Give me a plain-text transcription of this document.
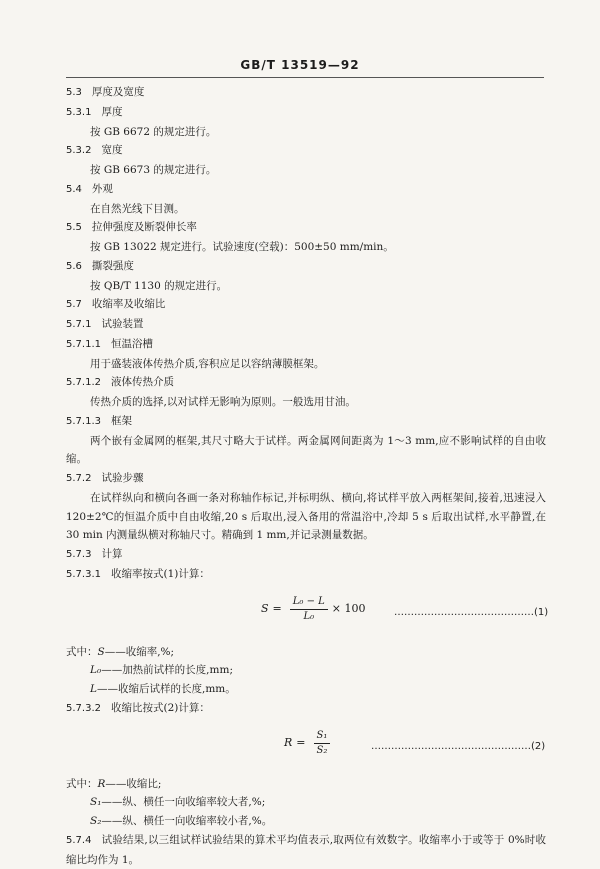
GB/T 13519—92
5.3 厚度及宽度
5.3.1 厚度
按 GB 6672 的规定进行。
5.3.2 宽度
按 GB 6673 的规定进行。
5.4 外观
在自然光线下目测。
5.5 拉伸强度及断裂伸长率
按 GB 13022 规定进行。试验速度(空载)：500±50 mm/min。
5.6 撕裂强度
按 QB/T 1130 的规定进行。
5.7 收缩率及收缩比
5.7.1 试验装置
5.7.1.1 恒温浴槽
用于盛装液体传热介质,容积应足以容纳薄膜框架。
5.7.1.2 液体传热介质
传热介质的选择,以对试样无影响为原则。一般选用甘油。
5.7.1.3 框架
两个嵌有金属网的框架,其尺寸略大于试样。两金属网间距离为 1～3 mm,应不影响试样的自由收缩。
5.7.2 试验步骤
在试样纵向和横向各画一条对称轴作标记,并标明纵、横向,将试样平放入两框架间,接着,迅速浸入 120±2℃的恒温介质中自由收缩,20 s 后取出,浸入备用的常温浴中,冷却 5 s 后取出试样,水平静置,在 30 min 内测量纵横对称轴尺寸。精确到 1 mm,并记录测量数据。
5.7.3 计算
5.7.3.1 收缩率按式(1)计算：
$S = \frac{\text{L₀ − L}}{\text{L₀}} \times 100$	……………………………………(1)
式中：S——收缩率,%;
L₀——加热前试样的长度,mm;
L——收缩后试样的长度,mm。
5.7.3.2 收缩比按式(2)计算：
$R = \frac{\text{S₁}}{\text{S₂}}$	…………………………………………(2)
式中：R——收缩比;
S₁——纵、横任一向收缩率较大者,%;
S₂——纵、横任一向收缩率较小者,%。
5.7.4 试验结果,以三组试样试验结果的算术平均值表示,取两位有效数字。收缩率小于或等于 0%时收缩比均作为 1。
